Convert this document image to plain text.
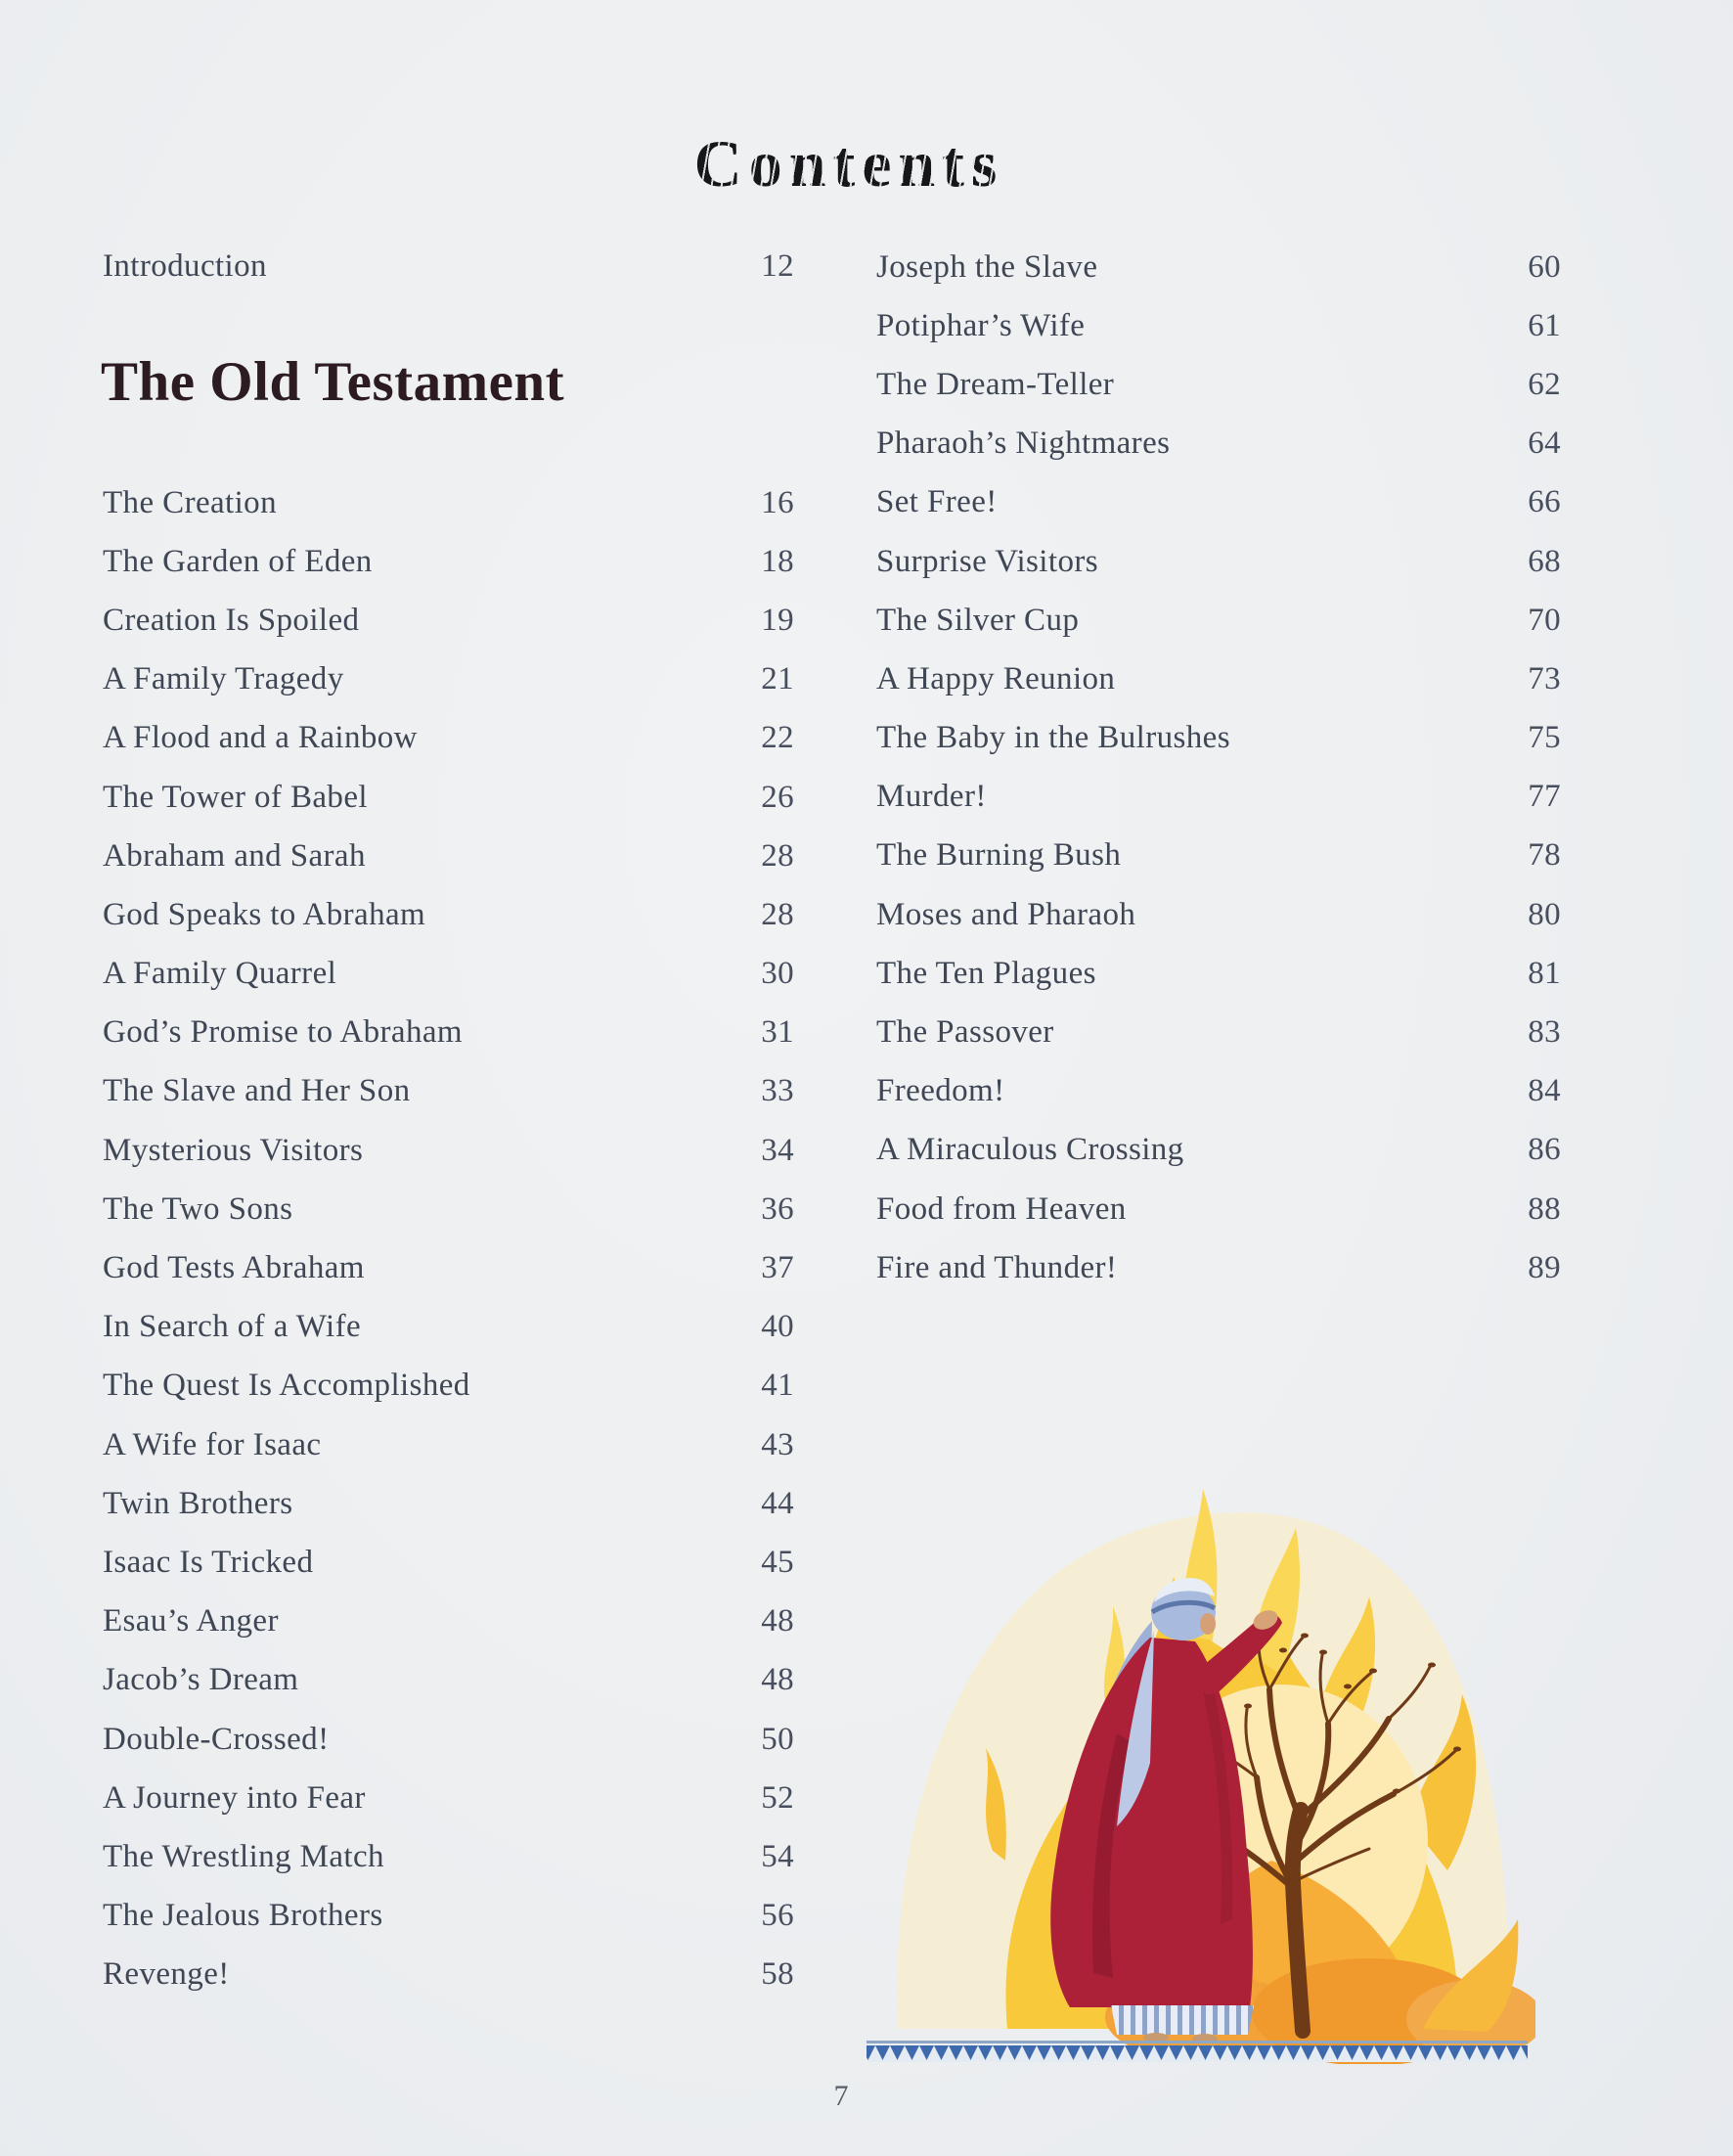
Contents
Introduction	12
The Old Testament
The Creation	16
The Garden of Eden	18
Creation Is Spoiled	19
A Family Tragedy	21
A Flood and a Rainbow	22
The Tower of Babel	26
Abraham and Sarah	28
God Speaks to Abraham	28
A Family Quarrel	30
God’s Promise to Abraham	31
The Slave and Her Son	33
Mysterious Visitors	34
The Two Sons	36
God Tests Abraham	37
In Search of a Wife	40
The Quest Is Accomplished	41
A Wife for Isaac	43
Twin Brothers	44
Isaac Is Tricked	45
Esau’s Anger	48
Jacob’s Dream	48
Double-Crossed!	50
A Journey into Fear	52
The Wrestling Match	54
The Jealous Brothers	56
Revenge!	58
Joseph the Slave	60
Potiphar’s Wife	61
The Dream-Teller	62
Pharaoh’s Nightmares	64
Set Free!	66
Surprise Visitors	68
The Silver Cup	70
A Happy Reunion	73
The Baby in the Bulrushes	75
Murder!	77
The Burning Bush	78
Moses and Pharaoh	80
The Ten Plagues	81
The Passover	83
Freedom!	84
A Miraculous Crossing	86
Food from Heaven	88
Fire and Thunder!	89
7
